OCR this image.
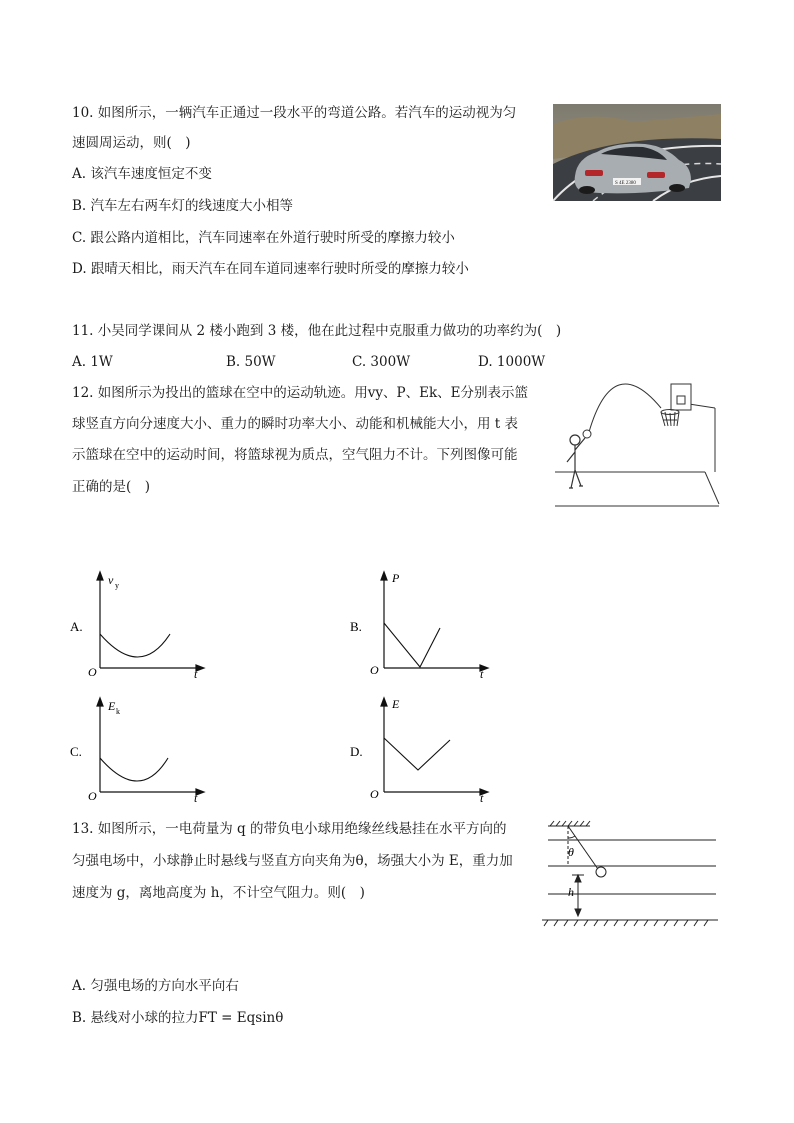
10. 如图所示，一辆汽车正通过一段水平的弯道公路。若汽车的运动视为匀
速圆周运动，则(　)
A. 该汽车速度恒定不变
B. 汽车左右两车灯的线速度大小相等
C. 跟公路内道相比，汽车同速率在外道行驶时所受的摩擦力较小
D. 跟晴天相比，雨天汽车在同车道同速率行驶时所受的摩擦力较小
S 4E 2380
11. 小吴同学课间从 2 楼小跑到 3 楼，他在此过程中克服重力做功的功率约为(　)
A. 1W	B. 50W	C. 300W	D. 1000W
12. 如图所示为投出的篮球在空中的运动轨迹。用vy、P、Ek、E分别表示篮
球竖直方向分速度大小、重力的瞬时功率大小、动能和机械能大小，用 t 表
示篮球在空中的运动时间，将篮球视为质点，空气阻力不计。下列图像可能
正确的是(　)
A.
v y
O	t
B.
P
O	t
C.
E k
O	t
D.
E
O	t
13. 如图所示，一电荷量为 q 的带负电小球用绝缘丝线悬挂在水平方向的
匀强电场中，小球静止时悬线与竖直方向夹角为θ，场强大小为 E，重力加
速度为 g，离地高度为 h，不计空气阻力。则(　)
θ
h
A. 匀强电场的方向水平向右
B. 悬线对小球的拉力FT = Eqsinθ
